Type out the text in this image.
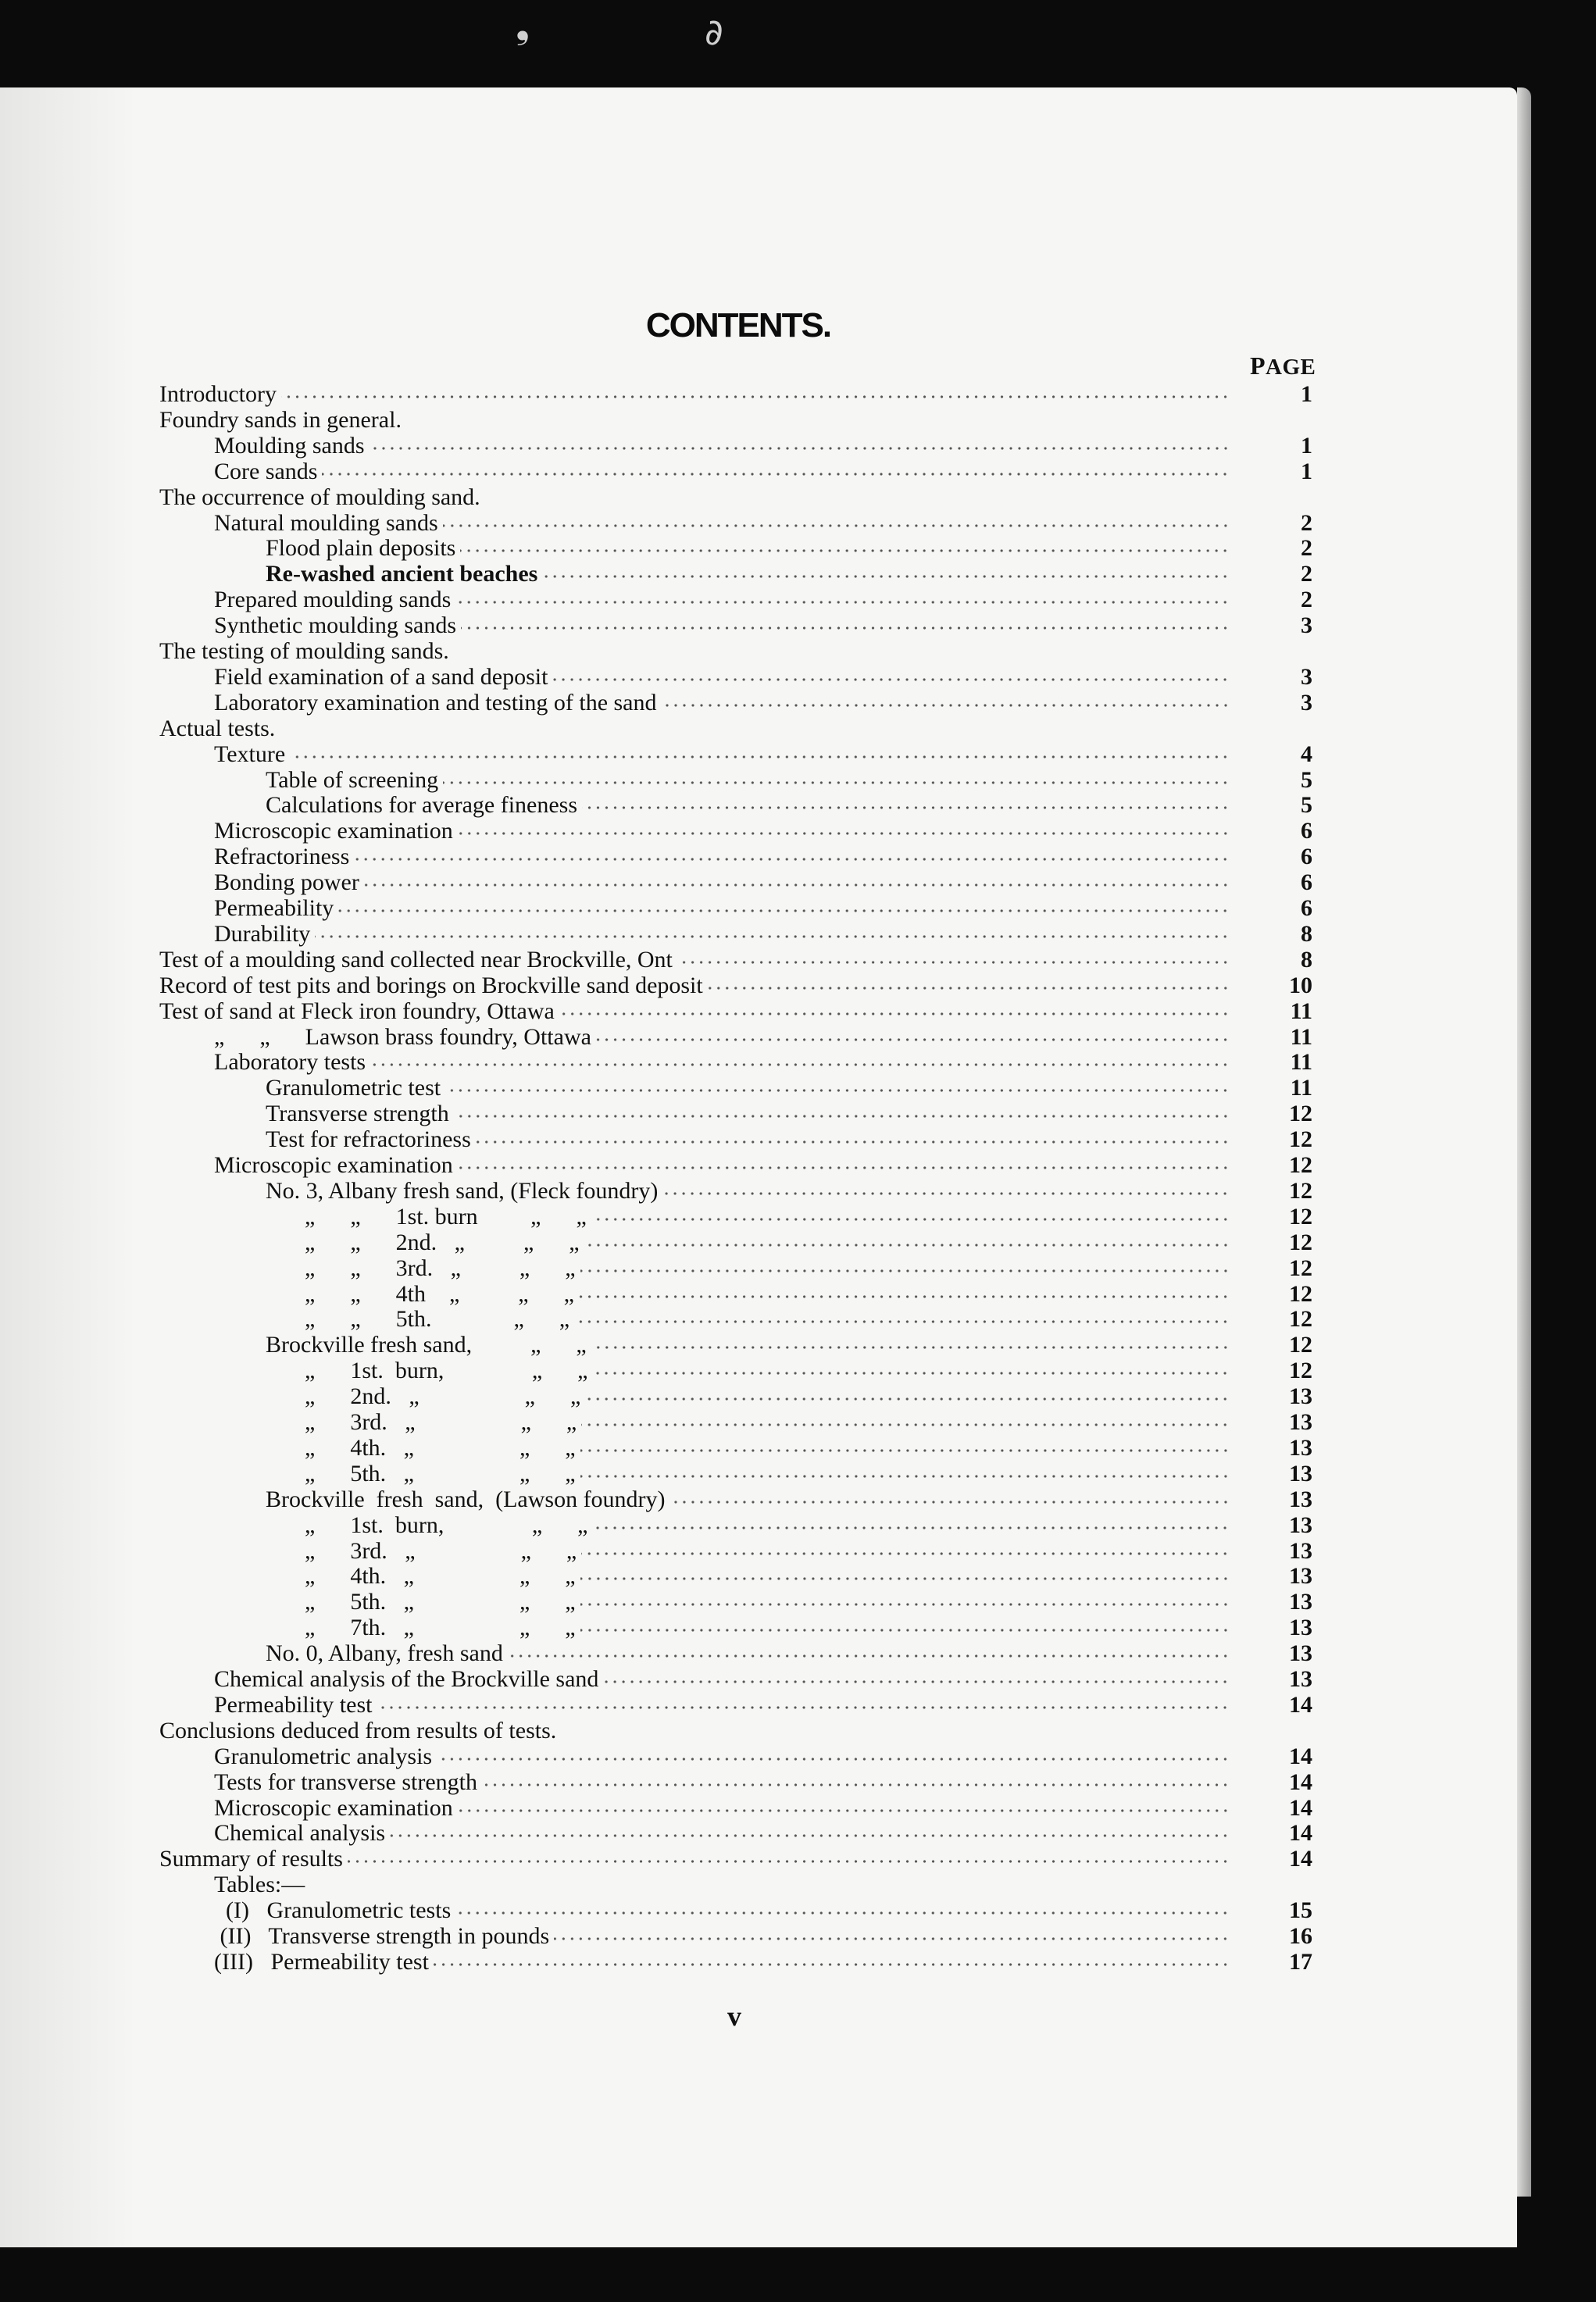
❟	∂
CONTENTS.
PAGE
Introductory	1
Foundry sands in general.
Moulding sands	1
Core sands	1
The occurrence of moulding sand.
Natural moulding sands	2
Flood plain deposits	2
Re-washed ancient beaches	2
Prepared moulding sands	2
Synthetic moulding sands	3
The testing of moulding sands.
Field examination of a sand deposit	3
Laboratory examination and testing of the sand	3
Actual tests.
Texture	4
Table of screening	5
Calculations for average fineness	5
Microscopic examination	6
Refractoriness	6
Bonding power	6
Permeability	6
Durability	8
Test of a moulding sand collected near Brockville, Ont	8
Record of test pits and borings on Brockville sand deposit	10
Test of sand at Fleck iron foundry, Ottawa	11
„      „      Lawson brass foundry, Ottawa	11
Laboratory tests	11
Granulometric test	11
Transverse strength	12
Test for refractoriness	12
Microscopic examination	12
No. 3, Albany fresh sand, (Fleck foundry)	12
„      „      1st. burn         „      „	12
„      „      2nd.   „          „      „	12
„      „      3rd.   „          „      „	12
„      „      4th    „          „      „	12
„      „      5th.              „      „	12
Brockville fresh sand,          „      „	12
„      1st.  burn,               „      „	12
„      2nd.   „                  „      „	13
„      3rd.   „                  „      „	13
„      4th.   „                  „      „	13
„      5th.   „                  „      „	13
Brockville  fresh  sand,  (Lawson foundry)	13
„      1st.  burn,               „      „	13
„      3rd.   „                  „      „	13
„      4th.   „                  „      „	13
„      5th.   „                  „      „	13
„      7th.   „                  „      „	13
No. 0, Albany, fresh sand	13
Chemical analysis of the Brockville sand	13
Permeability test	14
Conclusions deduced from results of tests.
Granulometric analysis	14
Tests for transverse strength	14
Microscopic examination	14
Chemical analysis	14
Summary of results	14
Tables:—
(I)   Granulometric tests	15
(II)   Transverse strength in pounds	16
(III)   Permeability test	17
v
